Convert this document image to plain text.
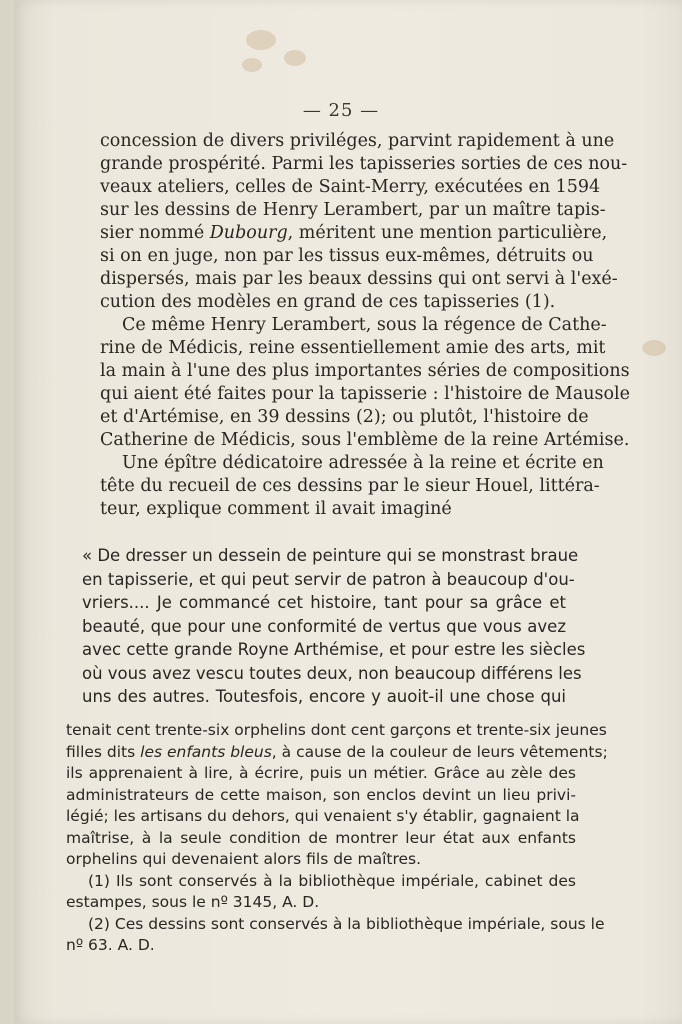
— 25 —

concession de divers priviléges, parvint rapidement à une
grande prospérité. Parmi les tapisseries sorties de ces nou-
veaux ateliers, celles de Saint-Merry, exécutées en 1594
sur les dessins de Henry Lerambert, par un maître tapis-
sier nommé Dubourg, méritent une mention particulière,
si on en juge, non par les tissus eux-mêmes, détruits ou
dispersés, mais par les beaux dessins qui ont servi à l'exé-
cution des modèles en grand de ces tapisseries (1).

Ce même Henry Lerambert, sous la régence de Cathe-
rine de Médicis, reine essentiellement amie des arts, mit
la main à l'une des plus importantes séries de compositions
qui aient été faites pour la tapisserie : l'histoire de Mausole
et d'Artémise, en 39 dessins (2); ou plutôt, l'histoire de
Catherine de Médicis, sous l'emblème de la reine Artémise.

Une épître dédicatoire adressée à la reine et écrite en
tête du recueil de ces dessins par le sieur Houel, littéra-
teur, explique comment il avait imaginé

« De dresser un dessein de peinture qui se monstrast braue
en tapisserie, et qui peut servir de patron à beaucoup d'ou-
vriers.... Je commancé cet histoire, tant pour sa grâce et
beauté, que pour une conformité de vertus que vous avez
avec cette grande Royne Arthémise, et pour estre les siècles
où vous avez vescu toutes deux, non beaucoup différens les
uns des autres. Toutesfois, encore y auoit-il une chose qui
tenait cent trente-six orphelins dont cent garçons et trente-six jeunes
filles dits les enfants bleus, à cause de la couleur de leurs vêtements;
ils apprenaient à lire, à écrire, puis un métier. Grâce au zèle des
administrateurs de cette maison, son enclos devint un lieu privi-
légié; les artisans du dehors, qui venaient s'y établir, gagnaient la
maîtrise, à la seule condition de montrer leur état aux enfants
orphelins qui devenaient alors fils de maîtres.
(1) Ils sont conservés à la bibliothèque impériale, cabinet des
estampes, sous le nº 3145, A. D.
(2) Ces dessins sont conservés à la bibliothèque impériale, sous le
nº 63. A. D.
